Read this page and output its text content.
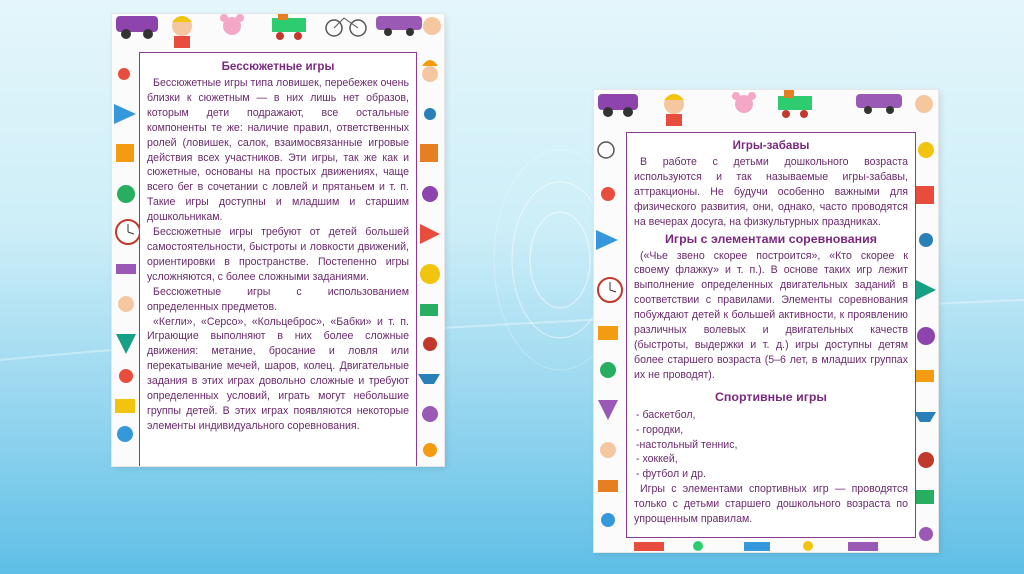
Бессюжетные игры

Бессюжетные игры типа ловишек, перебежек очень близки к сюжетным — в них лишь нет образов, которым дети подражают, все остальные компоненты те же: наличие правил, ответственных ролей (ловишек, салок, взаимосвязанные игровые действия всех участников. Эти игры, так же как и сюжетные, основаны на простых движениях, чаще всего бег в сочетании с ловлей и прятаньем и т. п. Такие игры доступны и младшим и старшим дошкольникам.

Бессюжетные игры требуют от детей большей самостоятельности, быстроты и ловкости движений, ориентировки в пространстве. Постепенно игры усложняются, с более сложными заданиями.

Бессюжетные игры с использованием определенных предметов.

«Кегли», «Серсо», «Кольцеброс», «Бабки» и т. п. Играющие выполняют в них более сложные движения: метание, бросание и ловля или перекатывание мечей, шаров, колец. Двигательные задания в этих играх довольно сложные и требуют определенных условий, играть могут небольшие группы детей. В этих играх появляются некоторые элементы индивидуального соревнования.

Игры-забавы

В работе с детьми дошкольного возраста используются и так называемые игры-забавы, аттракционы. Не будучи особенно важными для физического развития, они, однако, часто проводятся на вечерах досуга, на физкультурных праздниках.

Игры с элементами соревнования

(«Чье звено скорее построится», «Кто скорее к своему флажку» и т. п.). В основе таких игр лежит выполнение определенных двигательных заданий в соответствии с правилами. Элементы соревнования побуждают детей к большей активности, к проявлению различных волевых и двигательных качеств (быстроты, выдержки и т. д.) игры доступны детям более старшего возраста (5–6 лет, в младших группах их не проводят).

Спортивные игры
- баскетбол,
- городки,
-настольный теннис,
- хоккей,
- футбол и др.

Игры с элементами спортивных игр — проводятся только с детьми старшего дошкольного возраста по упрощенным правилам.
